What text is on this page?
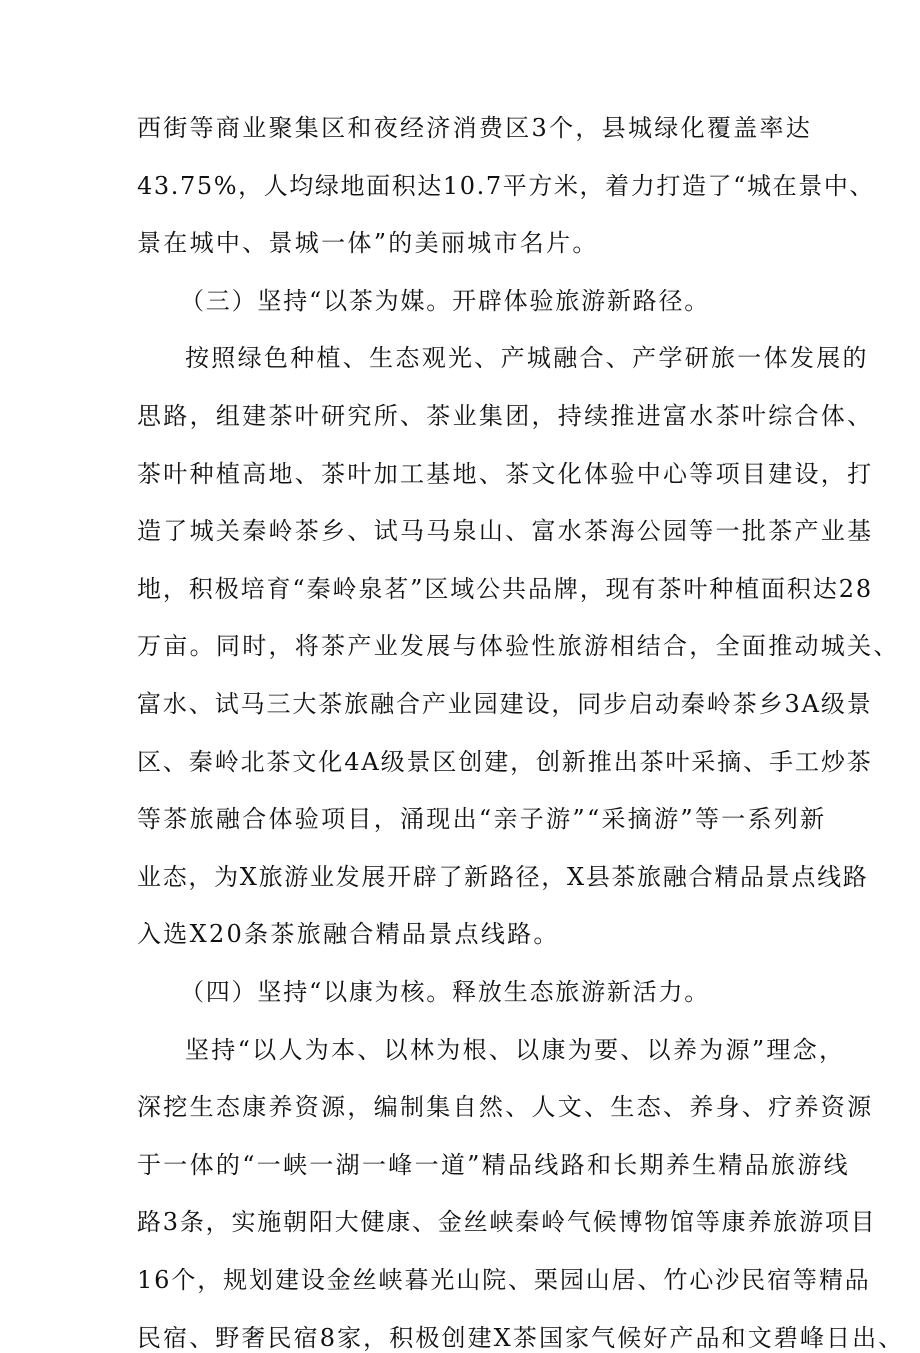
西街等商业聚集区和夜经济消费区3个，县城绿化覆盖率达
43.75%，人均绿地面积达10.7平方米，着力打造了“城在景中、
景在城中、景城一体”的美丽城市名片。
（三）坚持“以茶为媒。开辟体验旅游新路径。
按照绿色种植、生态观光、产城融合、产学研旅一体发展的
思路，组建茶叶研究所、茶业集团，持续推进富水茶叶综合体、
茶叶种植高地、茶叶加工基地、茶文化体验中心等项目建设，打
造了城关秦岭茶乡、试马马泉山、富水茶海公园等一批茶产业基
地，积极培育“秦岭泉茗”区域公共品牌，现有茶叶种植面积达28
万亩。同时，将茶产业发展与体验性旅游相结合，全面推动城关、
富水、试马三大茶旅融合产业园建设，同步启动秦岭茶乡3A级景
区、秦岭北茶文化4A级景区创建，创新推出茶叶采摘、手工炒茶
等茶旅融合体验项目，涌现出“亲子游”“采摘游”等一系列新
业态，为X旅游业发展开辟了新路径，X县茶旅融合精品景点线路
入选X20条茶旅融合精品景点线路。
（四）坚持“以康为核。释放生态旅游新活力。
坚持“以人为本、以林为根、以康为要、以养为源”理念，
深挖生态康养资源，编制集自然、人文、生态、养身、疗养资源
于一体的“一峡一湖一峰一道”精品线路和长期养生精品旅游线
路3条，实施朝阳大健康、金丝峡秦岭气候博物馆等康养旅游项目
16个，规划建设金丝峡暮光山院、栗园山居、竹心沙民宿等精品
民宿、野奢民宿8家，积极创建X茶国家气候好产品和文碧峰日出、
